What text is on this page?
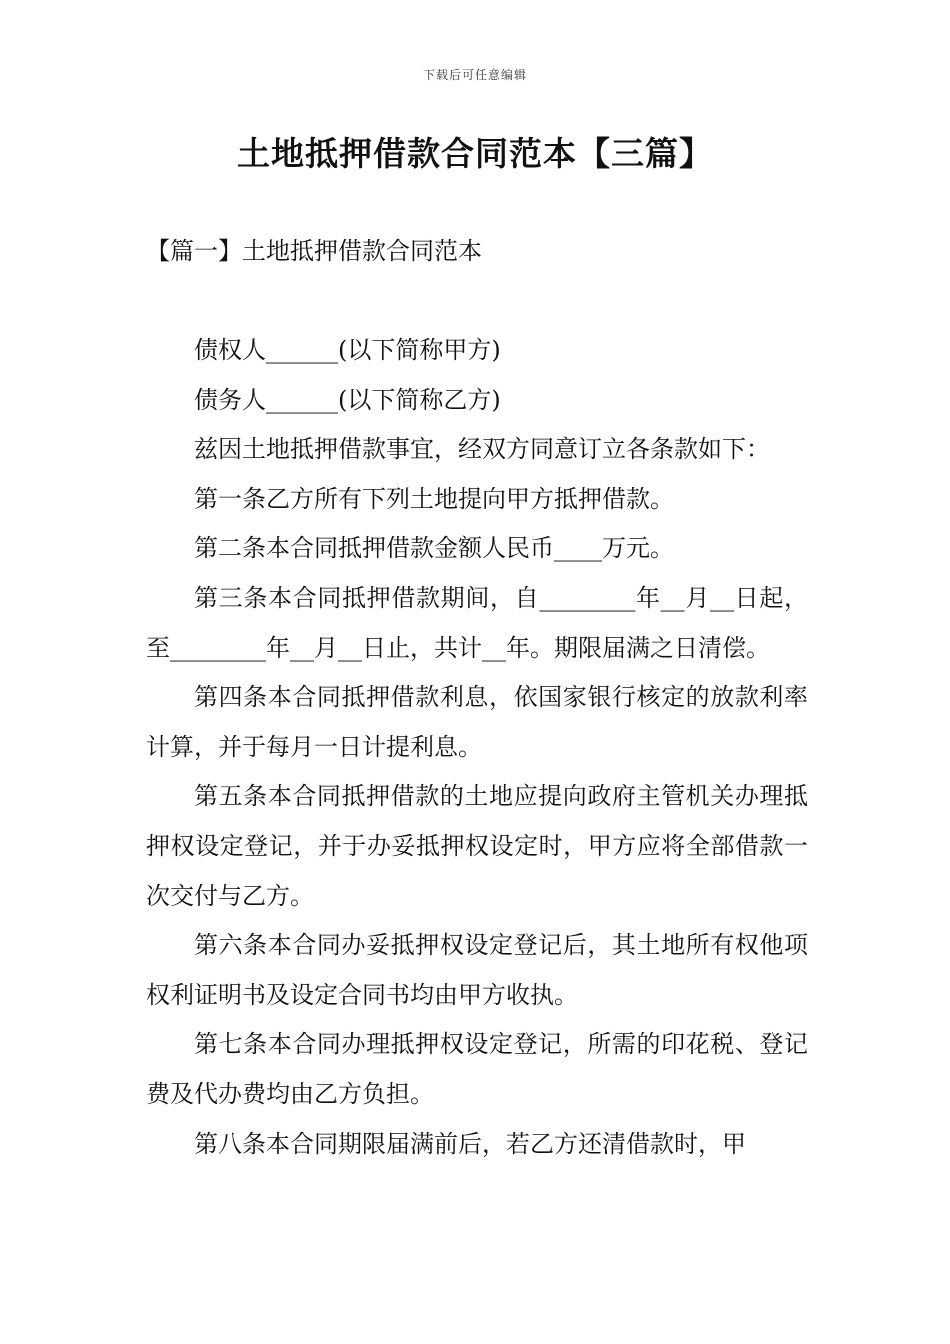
下载后可任意编辑
土地抵押借款合同范本【三篇】
【篇一】土地抵押借款合同范本

债权人______(以下简称甲方)

债务人______(以下简称乙方)

兹因土地抵押借款事宜，经双方同意订立各条款如下：

第一条乙方所有下列土地提向甲方抵押借款。

第二条本合同抵押借款金额人民币____万元。

第三条本合同抵押借款期间，自________年__月__日起，至________年__月__日止，共计__年。期限届满之日清偿。

第四条本合同抵押借款利息，依国家银行核定的放款利率计算，并于每月一日计提利息。

第五条本合同抵押借款的土地应提向政府主管机关办理抵押权设定登记，并于办妥抵押权设定时，甲方应将全部借款一次交付与乙方。

第六条本合同办妥抵押权设定登记后，其土地所有权他项权利证明书及设定合同书均由甲方收执。

第七条本合同办理抵押权设定登记，所需的印花税、登记费及代办费均由乙方负担。

第八条本合同期限届满前后，若乙方还清借款时，甲
